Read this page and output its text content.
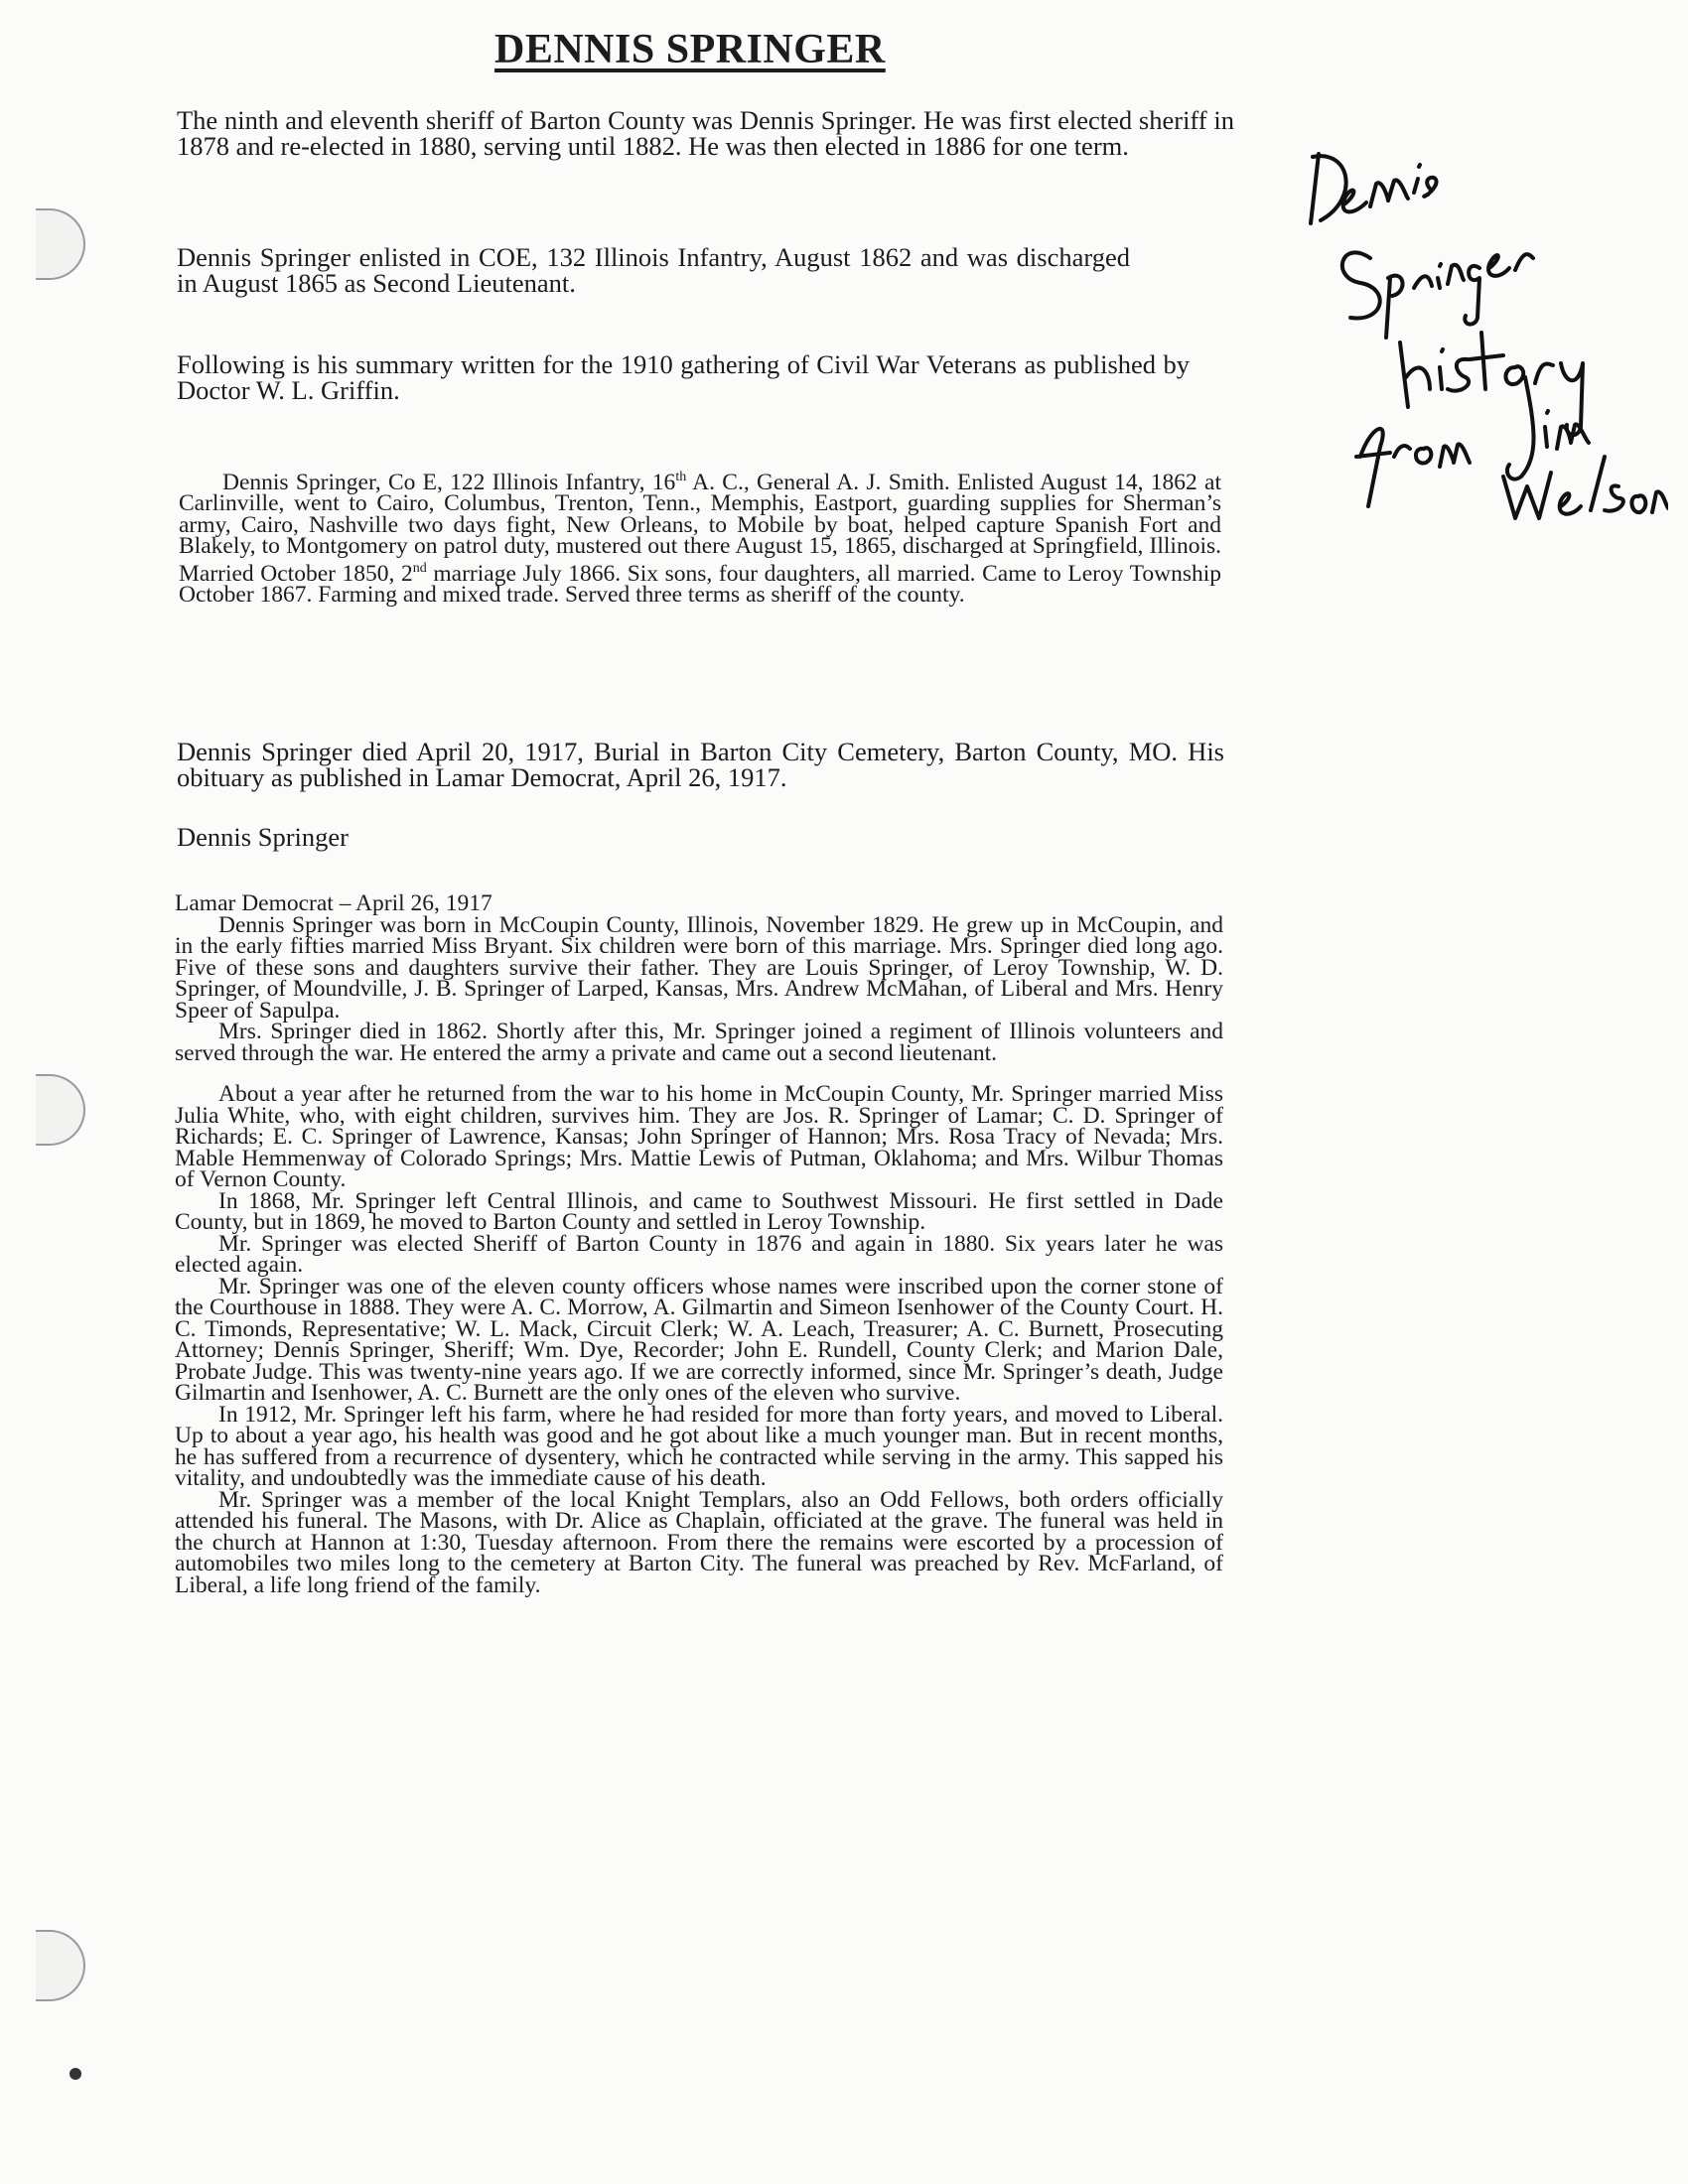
DENNIS SPRINGER

The ninth and eleventh sheriff of Barton County was Dennis Springer. He was first elected sheriff in 1878 and re-elected in 1880, serving until 1882. He was then elected in 1886 for one term.

Dennis Springer enlisted in COE, 132 Illinois Infantry, August 1862 and was discharged in August 1865 as Second Lieutenant.

Following is his summary written for the 1910 gathering of Civil War Veterans as published by Doctor W. L. Griffin.

Dennis Springer, Co E, 122 Illinois Infantry, 16th A. C., General A. J. Smith. Enlisted August 14, 1862 at Carlinville, went to Cairo, Columbus, Trenton, Tenn., Memphis, Eastport, guarding supplies for Sherman’s army, Cairo, Nashville two days fight, New Orleans, to Mobile by boat, helped capture Spanish Fort and Blakely, to Montgomery on patrol duty, mustered out there August 15, 1865, discharged at Springfield, Illinois. Married October 1850, 2nd marriage July 1866. Six sons, four daughters, all married. Came to Leroy Township October 1867. Farming and mixed trade. Served three terms as sheriff of the county.

Dennis Springer died April 20, 1917, Burial in Barton City Cemetery, Barton County, MO. His obituary as published in Lamar Democrat, April 26, 1917.

Dennis Springer

Lamar Democrat – April 26, 1917

Dennis Springer was born in McCoupin County, Illinois, November 1829. He grew up in McCoupin, and in the early fifties married Miss Bryant. Six children were born of this marriage. Mrs. Springer died long ago. Five of these sons and daughters survive their father. They are Louis Springer, of Leroy Township, W. D. Springer, of Moundville, J. B. Springer of Larped, Kansas, Mrs. Andrew McMahan, of Liberal and Mrs. Henry Speer of Sapulpa.

Mrs. Springer died in 1862. Shortly after this, Mr. Springer joined a regiment of Illinois volunteers and served through the war. He entered the army a private and came out a second lieutenant.

About a year after he returned from the war to his home in McCoupin County, Mr. Springer married Miss Julia White, who, with eight children, survives him. They are Jos. R. Springer of Lamar; C. D. Springer of Richards; E. C. Springer of Lawrence, Kansas; John Springer of Hannon; Mrs. Rosa Tracy of Nevada; Mrs. Mable Hemmenway of Colorado Springs; Mrs. Mattie Lewis of Putman, Oklahoma; and Mrs. Wilbur Thomas of Vernon County.

In 1868, Mr. Springer left Central Illinois, and came to Southwest Missouri. He first settled in Dade County, but in 1869, he moved to Barton County and settled in Leroy Township.

Mr. Springer was elected Sheriff of Barton County in 1876 and again in 1880. Six years later he was elected again.

Mr. Springer was one of the eleven county officers whose names were inscribed upon the corner stone of the Courthouse in 1888. They were A. C. Morrow, A. Gilmartin and Simeon Isenhower of the County Court. H. C. Timonds, Representative; W. L. Mack, Circuit Clerk; W. A. Leach, Treasurer; A. C. Burnett, Prosecuting Attorney; Dennis Springer, Sheriff; Wm. Dye, Recorder; John E. Rundell, County Clerk; and Marion Dale, Probate Judge. This was twenty-nine years ago. If we are correctly informed, since Mr. Springer’s death, Judge Gilmartin and Isenhower, A. C. Burnett are the only ones of the eleven who survive.

In 1912, Mr. Springer left his farm, where he had resided for more than forty years, and moved to Liberal. Up to about a year ago, his health was good and he got about like a much younger man. But in recent months, he has suffered from a recurrence of dysentery, which he contracted while serving in the army. This sapped his vitality, and undoubtedly was the immediate cause of his death.

Mr. Springer was a member of the local Knight Templars, also an Odd Fellows, both orders officially attended his funeral. The Masons, with Dr. Alice as Chaplain, officiated at the grave. The funeral was held in the church at Hannon at 1:30, Tuesday afternoon. From there the remains were escorted by a procession of automobiles two miles long to the cemetery at Barton City. The funeral was preached by Rev. McFarland, of Liberal, a life long friend of the family.
